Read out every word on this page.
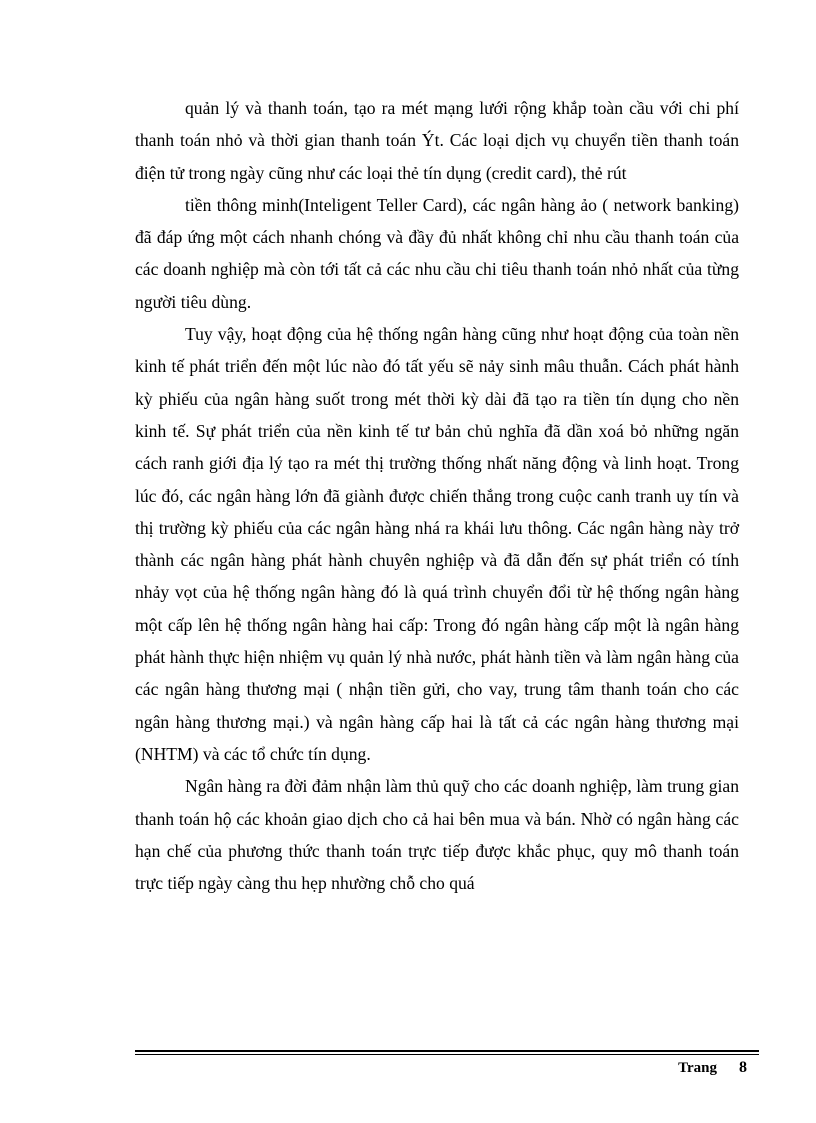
quản lý và thanh toán, tạo ra mét mạng lưới rộng khắp toàn cầu với chi phí thanh toán nhỏ và thời gian thanh toán Ýt. Các loại dịch vụ chuyển tiền thanh toán điện tử trong ngày cũng như các loại thẻ tín dụng (credit card), thẻ rút

tiền thông minh(Inteligent Teller Card), các ngân hàng ảo ( network banking) đã đáp ứng một cách nhanh chóng và đầy đủ nhất không chỉ nhu cầu thanh toán của các doanh nghiệp mà còn tới tất cả các nhu cầu chi tiêu thanh toán nhỏ nhất của từng người tiêu dùng.

Tuy vậy, hoạt động của hệ thống ngân hàng cũng như hoạt động của toàn nền kinh tế phát triển đến một lúc nào đó tất yếu sẽ nảy sinh mâu thuẫn. Cách phát hành kỳ phiếu của ngân hàng suốt trong mét thời kỳ dài đã tạo ra tiền tín dụng cho nền kinh tế. Sự phát triển của nền kinh tế tư bản chủ nghĩa đã dần xoá bỏ những ngăn cách ranh giới địa lý tạo ra mét thị trường thống nhất năng động và linh hoạt. Trong lúc đó, các ngân hàng lớn đã giành được chiến thắng trong cuộc canh tranh uy tín và thị trường kỳ phiếu của các ngân hàng nhá ra khái lưu thông. Các ngân hàng này trở thành các ngân hàng phát hành chuyên nghiệp và đã dẫn đến sự phát triển có tính nhảy vọt của hệ thống ngân hàng đó là quá trình chuyển đổi từ hệ thống ngân hàng một cấp lên hệ thống ngân hàng hai cấp: Trong đó ngân hàng cấp một là ngân hàng phát hành thực hiện nhiệm vụ quản lý nhà nước, phát hành tiền và làm ngân hàng của các ngân hàng thương mại ( nhận tiền gửi, cho vay, trung tâm thanh toán cho các ngân hàng thương mại.) và ngân hàng cấp hai là tất cả các ngân hàng thương mại (NHTM) và các tổ chức tín dụng.

Ngân hàng ra đời đảm nhận làm thủ quỹ cho các doanh nghiệp, làm trung gian thanh toán hộ các khoản giao dịch cho cả hai bên mua và bán. Nhờ có ngân hàng các hạn chế của phương thức thanh toán trực tiếp được khắc phục, quy mô thanh toán trực tiếp ngày càng thu hẹp nhường chỗ cho quá

Trang 8
